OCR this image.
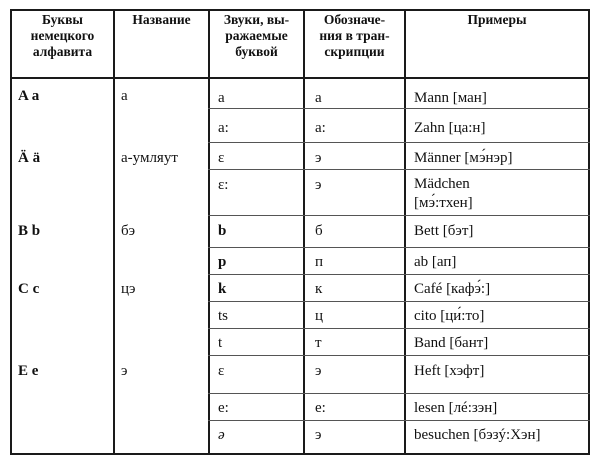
Буквы
немецкого
алфавита
Название	Звуки, вы-
ражаемые
буквой
Обозначе-
ния в тран-
скрипции
Примеры
A a
Ä ä
B b
C c
E e
а
а-умляут
бэ
цэ
э
a
a:
ɛ
ɛ:
b
p
k
ts
t
ɛ
e:
ə
а
a:
э
э
б
п
к
ц
т
э
e:
э
Mann [ман]
Zahn [ца:н]
Männer [мэ́нэр]
Mädchen
[мэ́:тхен]
Bett [бэт]
ab [ап]
Café [кафэ́:]
cito [ци́:то]
Band [бант]
Heft [хэфт]
lesen [лé:зэн]
besuchen [бэзý:Хэн]
